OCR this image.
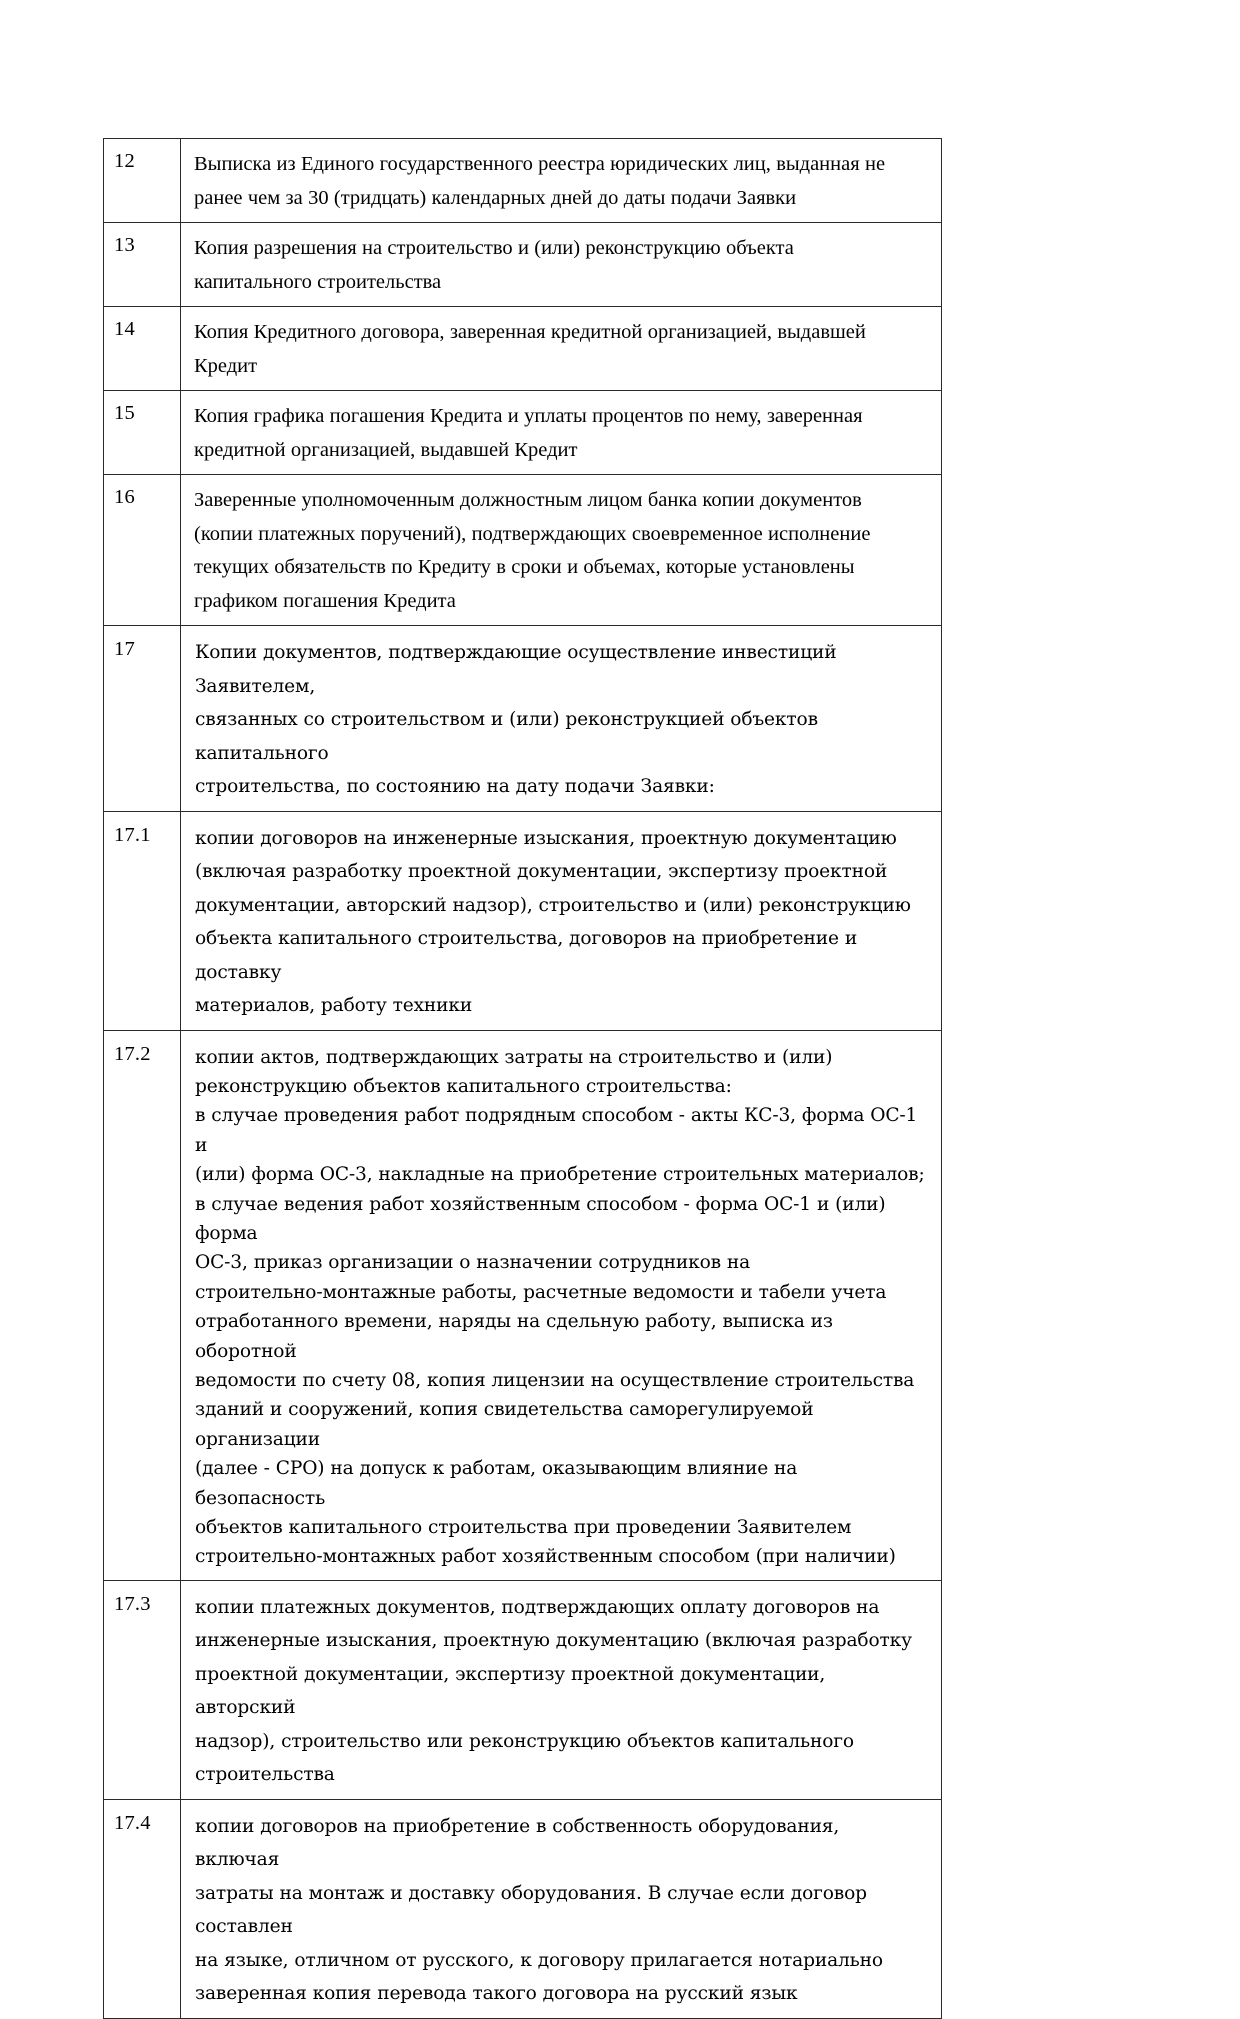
12	Выписка из Единого государственного реестра юридических лиц, выданная не
ранее чем за 30 (тридцать) календарных дней до даты подачи Заявки

13	Копия разрешения на строительство и (или) реконструкцию объекта
капитального строительства

14	Копия Кредитного договора, заверенная кредитной организацией, выдавшей
Кредит

15	Копия графика погашения Кредита и уплаты процентов по нему, заверенная
кредитной организацией, выдавшей Кредит

16	Заверенные уполномоченным должностным лицом банка копии документов
(копии платежных поручений), подтверждающих своевременное исполнение
текущих обязательств по Кредиту в сроки и объемах, которые установлены
графиком погашения Кредита

17	Копии документов, подтверждающие осуществление инвестиций Заявителем,
связанных со строительством и (или) реконструкцией объектов капитального
строительства, по состоянию на дату подачи Заявки:

17.1	копии договоров на инженерные изыскания, проектную документацию
(включая разработку проектной документации, экспертизу проектной
документации, авторский надзор), строительство и (или) реконструкцию
объекта капитального строительства, договоров на приобретение и доставку
материалов, работу техники

17.2	копии актов, подтверждающих затраты на строительство и (или)
реконструкцию объектов капитального строительства:
в случае проведения работ подрядным способом - акты КС-3, форма ОС-1 и
(или) форма ОС-3, накладные на приобретение строительных материалов;
в случае ведения работ хозяйственным способом - форма ОС-1 и (или) форма
ОС-3, приказ организации о назначении сотрудников на
строительно-монтажные работы, расчетные ведомости и табели учета
отработанного времени, наряды на сдельную работу, выписка из оборотной
ведомости по счету 08, копия лицензии на осуществление строительства
зданий и сооружений, копия свидетельства саморегулируемой организации
(далее - СРО) на допуск к работам, оказывающим влияние на безопасность
объектов капитального строительства при проведении Заявителем
строительно-монтажных работ хозяйственным способом (при наличии)

17.3	копии платежных документов, подтверждающих оплату договоров на
инженерные изыскания, проектную документацию (включая разработку
проектной документации, экспертизу проектной документации, авторский
надзор), строительство или реконструкцию объектов капитального
строительства

17.4	копии договоров на приобретение в собственность оборудования, включая
затраты на монтаж и доставку оборудования. В случае если договор составлен
на языке, отличном от русского, к договору прилагается нотариально
заверенная копия перевода такого договора на русский язык
